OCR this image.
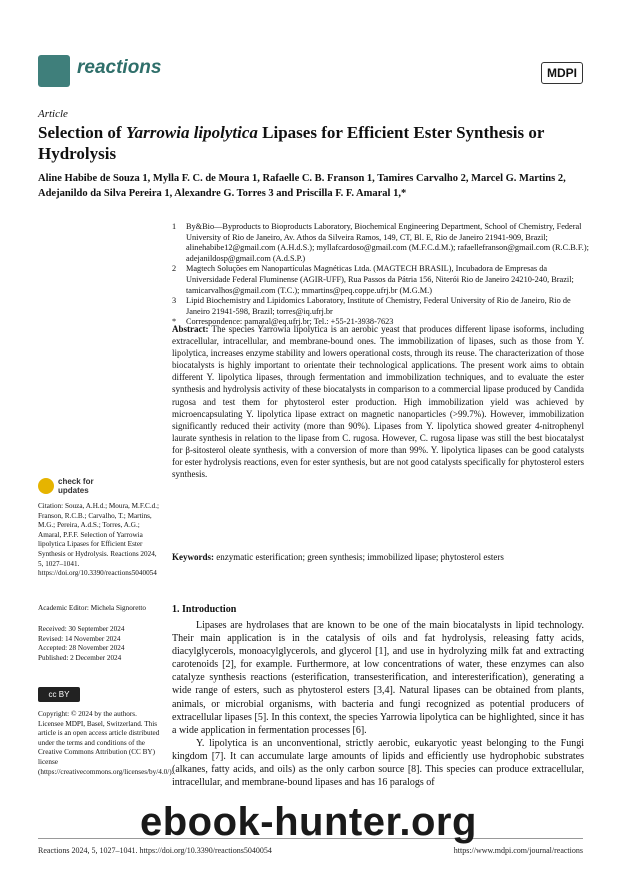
reactions	MDPI
Article
Selection of Yarrowia lipolytica Lipases for Efficient Ester Synthesis or Hydrolysis
Aline Habibe de Souza 1, Mylla F. C. de Moura 1, Rafaelle C. B. Franson 1, Tamires Carvalho 2, Marcel G. Martins 2,
Adejanildo da Silva Pereira 1, Alexandre G. Torres 3 and Priscilla F. F. Amaral 1,*
1	By&Bio—Byproducts to Bioproducts Laboratory, Biochemical Engineering Department, School of Chemistry, Federal University of Rio de Janeiro, Av. Athos da Silveira Ramos, 149, CT, Bl. E, Rio de Janeiro 21941-909, Brazil; alinehabibe12@gmail.com (A.H.d.S.); myllafcardoso@gmail.com (M.F.C.d.M.); rafaellefranson@gmail.com (R.C.B.F.); adejanildosp@gmail.com (A.d.S.P.)
2	Magtech Soluções em Nanopartículas Magnéticas Ltda. (MAGTECH BRASIL), Incubadora de Empresas da Universidade Federal Fluminense (AGIR-UFF), Rua Passos da Pátria 156, Niterói Rio de Janeiro 24210-240, Brazil; tamicarvalhos@gmail.com (T.C.); mmartins@peq.coppe.ufrj.br (M.G.M.)
3	Lipid Biochemistry and Lipidomics Laboratory, Institute of Chemistry, Federal University of Rio de Janeiro, Rio de Janeiro 21941-598, Brazil; torres@iq.ufrj.br
*	Correspondence: pamaral@eq.ufrj.br; Tel.: +55-21-3938-7623
Abstract: The species Yarrowia lipolytica is an aerobic yeast that produces different lipase isoforms, including extracellular, intracellular, and membrane-bound ones. The immobilization of lipases, such as those from Y. lipolytica, increases enzyme stability and lowers operational costs, through its reuse. The characterization of those biocatalysts is highly important to orientate their technological applications. The present work aims to obtain different Y. lipolytica lipases, through fermentation and immobilization techniques, and to evaluate the ester synthesis and hydrolysis activity of these biocatalysts in comparison to a commercial lipase produced by Candida rugosa and test them for phytosterol ester production. High immobilization yield was achieved by microencapsulating Y. lipolytica lipase extract on magnetic nanoparticles (>99.7%). However, immobilization significantly reduced their activity (more than 90%). Lipases from Y. lipolytica showed greater 4-nitrophenyl laurate synthesis in relation to the lipase from C. rugosa. However, C. rugosa lipase was still the best biocatalyst for β-sitosterol oleate synthesis, with a conversion of more than 99%. Y. lipolytica lipases can be good catalysts for ester hydrolysis reactions, even for ester synthesis, but are not good catalysts specifically for phytosterol esters synthesis.
Keywords: enzymatic esterification; green synthesis; immobilized lipase; phytosterol esters
1. Introduction

Lipases are hydrolases that are known to be one of the main biocatalysts in lipid technology. Their main application is in the catalysis of oils and fat hydrolysis, releasing fatty acids, diacylglycerols, monoacylglycerols, and glycerol [1], and use in hydrolyzing milk fat and extracting carotenoids [2], for example. Furthermore, at low concentrations of water, these enzymes can also catalyze synthesis reactions (esterification, transesterification, and interesterification), generating a wide range of esters, such as phytosterol esters [3,4]. Natural lipases can be obtained from plants, animals, or microbial organisms, with bacteria and fungi recognized as potential producers of extracellular lipases [5]. In this context, the species Yarrowia lipolytica can be highlighted, since it has a wide application in fermentation processes [6].

Y. lipolytica is an unconventional, strictly aerobic, eukaryotic yeast belonging to the Fungi kingdom [7]. It can accumulate large amounts of lipids and efficiently use hydrophobic substrates (alkanes, fatty acids, and oils) as the only carbon source [8]. This species can produce extracellular, intracellular, and membrane-bound lipases and has 16 paralogs of

check for updates
Citation: Souza, A.H.d.; Moura, M.F.C.d.; Franson, R.C.B.; Carvalho, T.; Martins, M.G.; Pereira, A.d.S.; Torres, A.G.; Amaral, P.F.F. Selection of Yarrowia lipolytica Lipases for Efficient Ester Synthesis or Hydrolysis. Reactions 2024, 5, 1027–1041. https://doi.org/10.3390/reactions5040054
Academic Editor: Michela Signoretto
Received: 30 September 2024
Revised: 14 November 2024
Accepted: 28 November 2024
Published: 2 December 2024
cc BY
Copyright: © 2024 by the authors. Licensee MDPI, Basel, Switzerland. This article is an open access article distributed under the terms and conditions of the Creative Commons Attribution (CC BY) license (https://creativecommons.org/licenses/by/4.0/).
Reactions 2024, 5, 1027–1041. https://doi.org/10.3390/reactions5040054	https://www.mdpi.com/journal/reactions
ebook-hunter.org
